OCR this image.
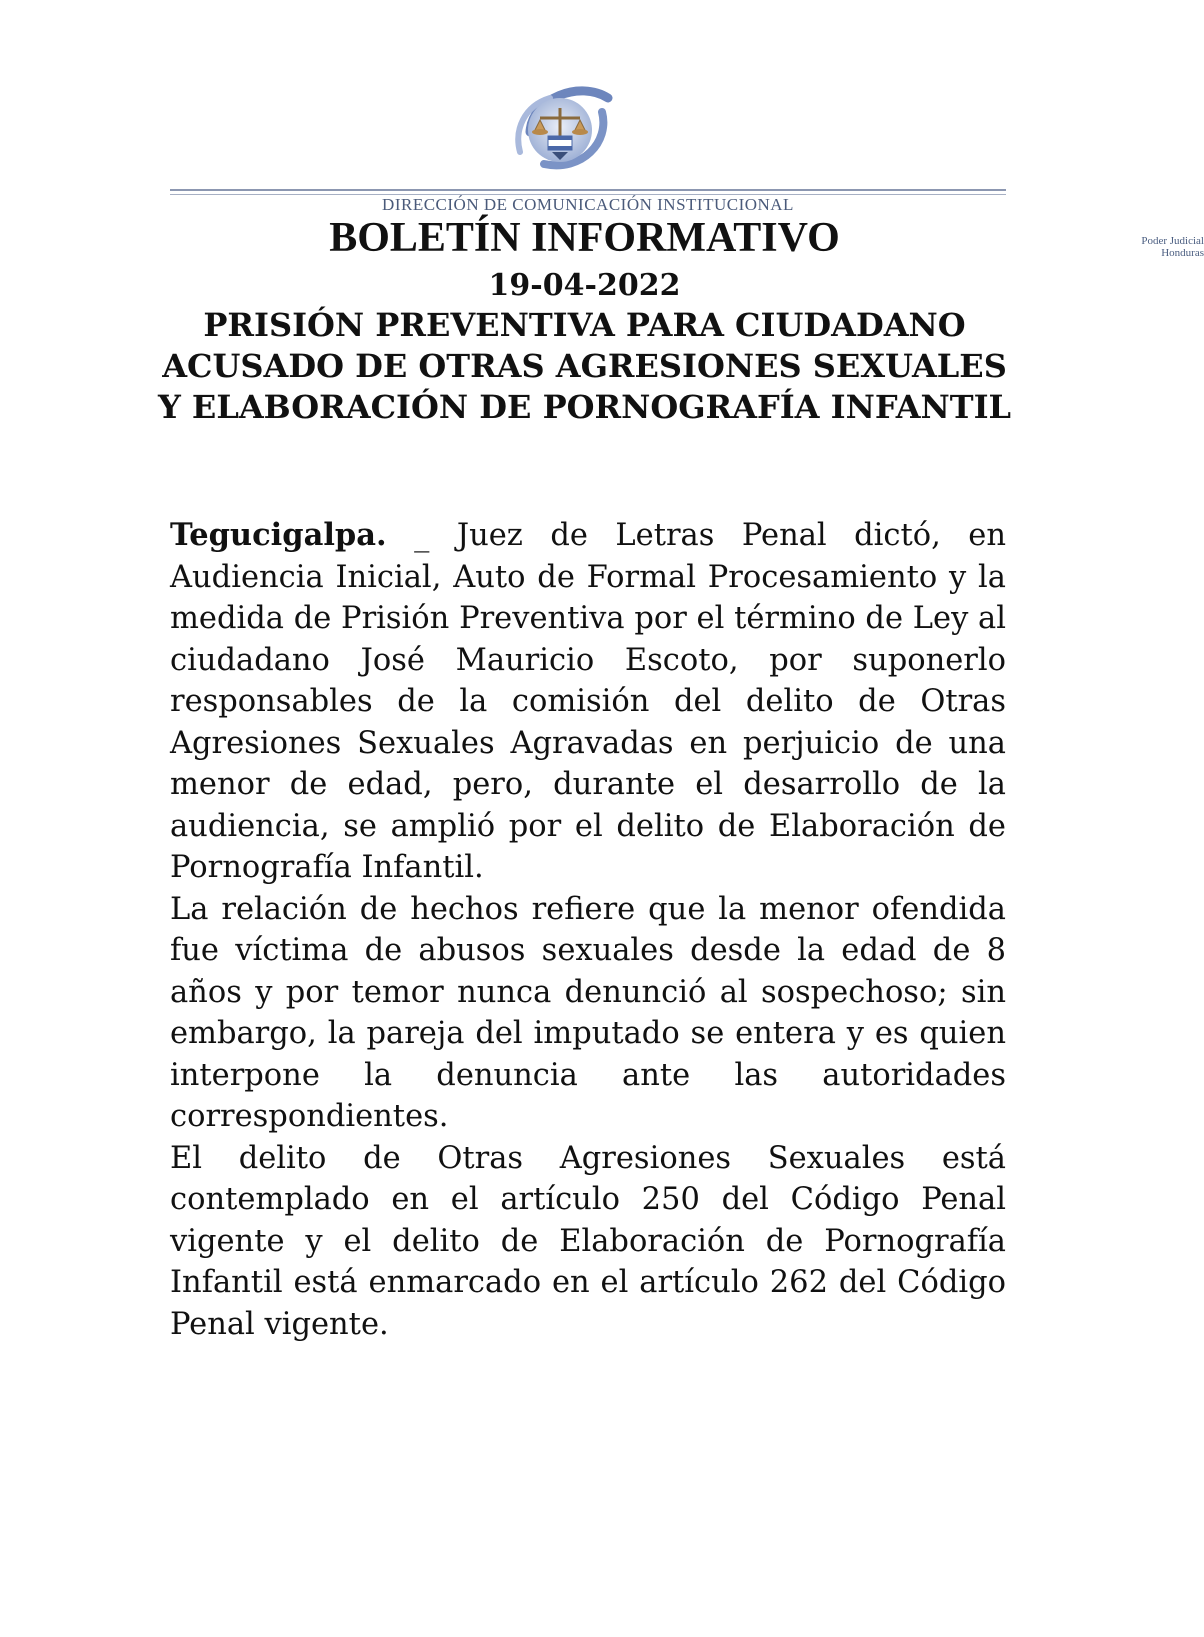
Poder Judicial
Honduras
DIRECCIÓN DE COMUNICACIÓN INSTITUCIONAL
BOLETÍN INFORMATIVO
19-04-2022
PRISIÓN PREVENTIVA PARA CIUDADANO ACUSADO DE OTRAS AGRESIONES SEXUALES Y ELABORACIÓN DE PORNOGRAFÍA INFANTIL

Tegucigalpa. _ Juez de Letras Penal dictó, en Audiencia Inicial, Auto de Formal Procesamiento y la medida de Prisión Preventiva por el término de Ley al ciudadano José Mauricio Escoto, por suponerlo responsables de la comisión del delito de Otras Agresiones Sexuales Agravadas en perjuicio de una menor de edad, pero, durante el desarrollo de la audiencia, se amplió por el delito de Elaboración de Pornografía Infantil.

La relación de hechos refiere que la menor ofendida fue víctima de abusos sexuales desde la edad de 8 años y por temor nunca denunció al sospechoso; sin embargo, la pareja del imputado se entera y es quien interpone la denuncia ante las autoridades correspondientes.

El delito de Otras Agresiones Sexuales está contemplado en el artículo 250 del Código Penal vigente y el delito de Elaboración de Pornografía Infantil está enmarcado en el artículo 262 del Código Penal vigente.
